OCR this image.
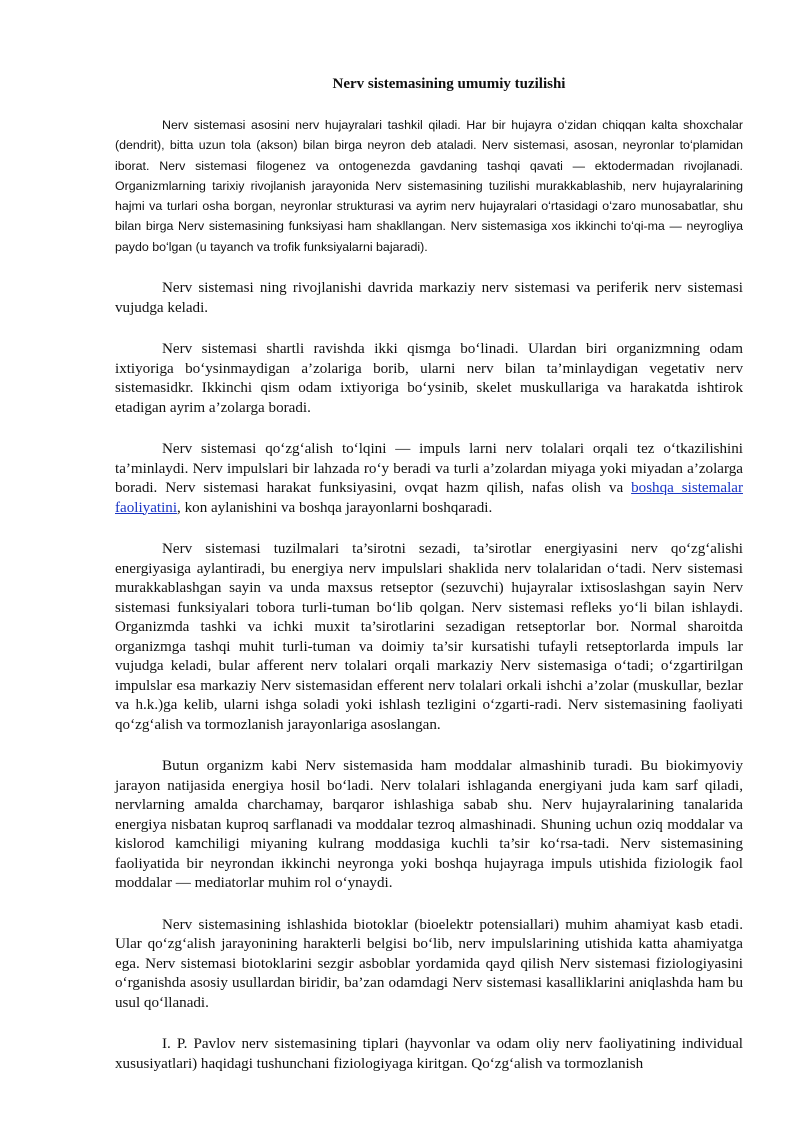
Nerv sistemasining umumiy tuzilishi

Nerv sistemasi asosini nerv hujayralari tashkil qiladi. Har bir hujayra oʻzidan chiqqan kalta shoxchalar (dendrit), bitta uzun tola (akson) bilan birga neyron deb ataladi. Nerv sistemasi, asosan, neyronlar toʻplamidan iborat. Nerv sistemasi filogenez va ontogenezda gavdaning tashqi qavati — ektodermadan rivojlanadi. Organizmlarning tarixiy rivojlanish jarayonida Nerv sistemasining tuzilishi murakkablashib, nerv hujayralarining hajmi va turlari osha borgan, neyronlar strukturasi va ayrim nerv hujayralari oʻrtasidagi oʻzaro munosabatlar, shu bilan birga Nerv sistemasining funksiyasi ham shakllangan. Nerv sistemasiga xos ikkinchi toʻqi-ma — neyrogliya paydo boʻlgan (u tayanch va trofik funksiyalarni bajaradi).

Nerv sistemasi ning rivojlanishi davrida markaziy nerv sistemasi va periferik nerv sistemasi vujudga keladi.

Nerv sistemasi shartli ravishda ikki qismga bo‘linadi. Ulardan biri organizmning odam ixtiyoriga bo‘ysinmaydigan a’zolariga borib, ularni nerv bilan ta’minlaydigan vegetativ nerv sistemasidkr. Ikkinchi qism odam ixtiyoriga bo‘ysinib, skelet muskullariga va harakatda ishtirok etadigan ayrim a’zolarga boradi.

Nerv sistemasi qo‘zg‘alish to‘lqini — impuls larni nerv tolalari orqali tez o‘tkazilishini ta’minlaydi. Nerv impulslari bir lahzada ro‘y beradi va turli a’zolardan miyaga yoki miyadan a’zolarga boradi. Nerv sistemasi harakat funksiyasini, ovqat hazm qilish, nafas olish va boshqa sistemalar faoliyatini, kon aylanishini va boshqa jarayonlarni boshqaradi.

Nerv sistemasi tuzilmalari ta’sirotni sezadi, ta’sirotlar energiyasini nerv qo‘zg‘alishi energiyasiga aylantiradi, bu energiya nerv impulslari shaklida nerv tolalaridan o‘tadi. Nerv sistemasi murakkablashgan sayin va unda maxsus retseptor (sezuvchi) hujayralar ixtisoslashgan sayin Nerv sistemasi funksiyalari tobora turli-tuman bo‘lib qolgan. Nerv sistemasi refleks yo‘li bilan ishlaydi. Organizmda tashki va ichki muxit ta’sirotlarini sezadigan retseptorlar bor. Normal sharoitda organizmga tashqi muhit turli-tuman va doimiy ta’sir kursatishi tufayli retseptorlarda impuls lar vujudga keladi, bular afferent nerv tolalari orqali markaziy Nerv sistemasiga o‘tadi; o‘zgartirilgan impulslar esa markaziy Nerv sistemasidan efferent nerv tolalari orkali ishchi a’zolar (muskullar, bezlar va h.k.)ga kelib, ularni ishga soladi yoki ishlash tezligini o‘zgarti-radi. Nerv sistemasining faoliyati qo‘zg‘alish va tormozlanish jarayonlariga asoslangan.

Butun organizm kabi Nerv sistemasida ham moddalar almashinib turadi. Bu biokimyoviy jarayon natijasida energiya hosil bo‘ladi. Nerv tolalari ishlaganda energiyani juda kam sarf qiladi, nervlarning amalda charchamay, barqaror ishlashiga sabab shu. Nerv hujayralarining tanalarida energiya nisbatan kuproq sarflanadi va moddalar tezroq almashinadi. Shuning uchun oziq moddalar va kislorod kamchiligi miyaning kulrang moddasiga kuchli ta’sir ko‘rsa-tadi. Nerv sistemasining faoliyatida bir neyrondan ikkinchi neyronga yoki boshqa hujayraga impuls utishida fiziologik faol moddalar — mediatorlar muhim rol o‘ynaydi.

Nerv sistemasining ishlashida biotoklar (bioelektr potensiallari) muhim ahamiyat kasb etadi. Ular qo‘zg‘alish jarayonining harakterli belgisi bo‘lib, nerv impulslarining utishida katta ahamiyatga ega. Nerv sistemasi biotoklarini sezgir asboblar yordamida qayd qilish Nerv sistemasi fiziologiyasini o‘rganishda asosiy usullardan biridir, ba’zan odamdagi Nerv sistemasi kasalliklarini aniqlashda ham bu usul qo‘llanadi.

I. P. Pavlov nerv sistemasining tiplari (hayvonlar va odam oliy nerv faoliyatining individual xususiyatlari) haqidagi tushunchani fiziologiyaga kiritgan. Qo‘zg‘alish va tormozlanish
